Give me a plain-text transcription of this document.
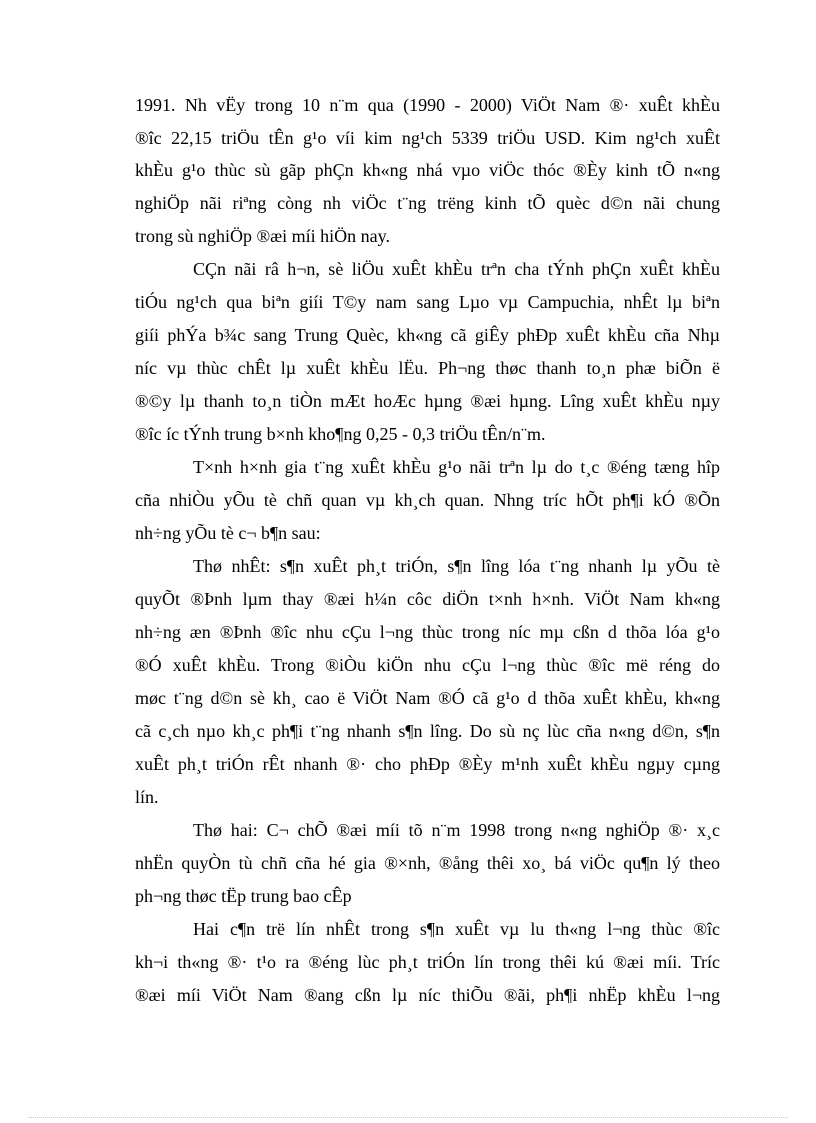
1991. Nh vËy trong 10 n¨m qua (1990 - 2000) ViÖt Nam ®· xuÊt khÈu
®îc 22,15 triÖu tÊn g¹o víi kim ng¹ch 5339 triÖu USD. Kim ng¹ch xuÊt
khÈu g¹o thùc sù gãp phÇn kh«ng nhá vµo viÖc thóc ®Èy kinh tÕ n«ng
nghiÖp nãi riªng còng nh viÖc t¨ng trëng kinh tÕ quèc d©n nãi chung
trong sù nghiÖp ®æi míi hiÖn nay.
CÇn nãi râ h¬n, sè liÖu xuÊt khÈu trªn cha tÝnh phÇn xuÊt khÈu
tiÓu ng¹ch qua biªn giíi T©y nam sang Lµo vµ Campuchia, nhÊt lµ biªn
giíi phÝa b¾c sang Trung Quèc, kh«ng cã giÊy phÐp xuÊt khÈu cña Nhµ
níc vµ thùc chÊt lµ xuÊt khÈu lËu. Ph¬ng thøc thanh to¸n phæ biÕn ë
®©y lµ thanh to¸n tiÒn mÆt hoÆc hµng ®æi hµng. Lîng xuÊt khÈu nµy
®îc íc tÝnh trung b×nh kho¶ng 0,25 - 0,3 triÖu tÊn/n¨m.
T×nh h×nh gia t¨ng xuÊt khÈu g¹o nãi trªn lµ do t¸c ®éng tæng hîp
cña nhiÒu yÕu tè chñ quan vµ kh¸ch quan. Nhng tríc hÕt ph¶i kÓ ®Õn
nh÷ng yÕu tè c¬ b¶n sau:
Thø nhÊt: s¶n xuÊt ph¸t triÓn, s¶n lîng lóa t¨ng nhanh lµ yÕu tè
quyÕt ®Þnh lµm thay ®æi h¼n côc diÖn t×nh h×nh. ViÖt Nam kh«ng
nh÷ng æn ®Þnh ®îc nhu cÇu l¬ng thùc trong níc mµ cßn d thõa lóa g¹o
®Ó xuÊt khÈu. Trong ®iÒu kiÖn nhu cÇu l¬ng thùc ®îc më réng do
møc t¨ng d©n sè kh¸ cao ë ViÖt Nam ®Ó cã g¹o d thõa xuÊt khÈu, kh«ng
cã c¸ch nµo kh¸c ph¶i t¨ng nhanh s¶n lîng. Do sù nç lùc cña n«ng d©n, s¶n
xuÊt ph¸t triÓn rÊt nhanh ®· cho phÐp ®Èy m¹nh xuÊt khÈu ngµy cµng
lín.
Thø hai: C¬ chÕ ®æi míi tõ n¨m 1998 trong n«ng nghiÖp ®· x¸c
nhËn quyÒn tù chñ cña hé gia ®×nh, ®ång thêi xo¸ bá viÖc qu¶n lý theo
ph¬ng thøc tËp trung bao cÊp
Hai c¶n trë lín nhÊt trong s¶n xuÊt vµ lu th«ng l¬ng thùc ®îc
kh¬i th«ng ®· t¹o ra ®éng lùc ph¸t triÓn lín trong thêi kú ®æi míi. Tríc
®æi míi ViÖt Nam ®ang cßn lµ níc thiÕu ®ãi, ph¶i nhËp khÈu l¬ng
